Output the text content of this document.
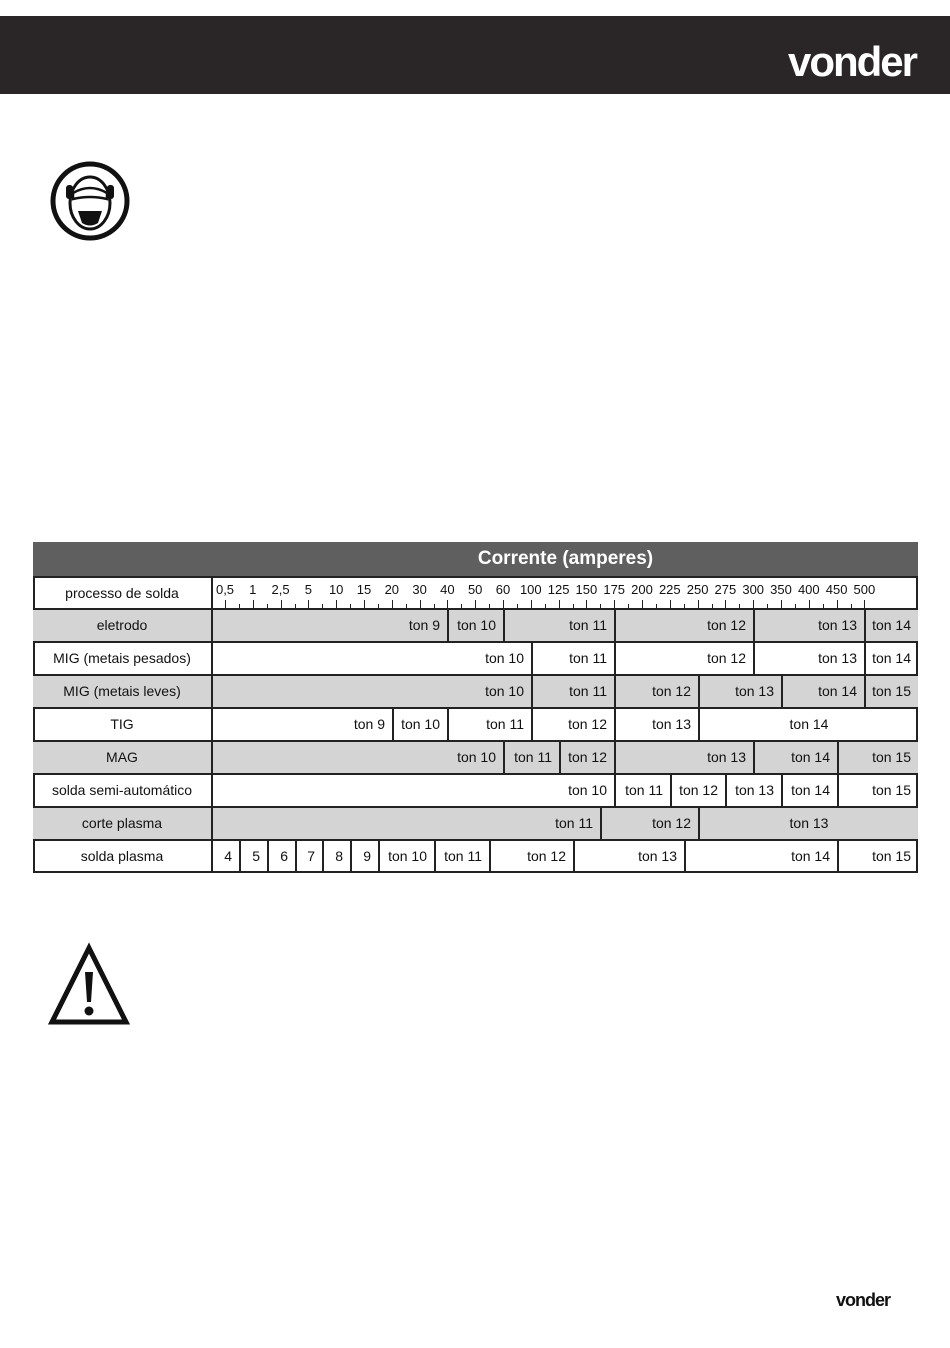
vonder
Corrente (amperes)
processo de solda	0,5 1 2,5 5 10 15 20 30 40 50 60 100 125 150 175 200 225 250 275 300 350 400 450 500
eletrodo	ton 9	ton 10	ton 11	ton 12	ton 13	ton 14
MIG (metais pesados)	ton 10	ton 11	ton 12	ton 13	ton 14
MIG (metais leves)	ton 10	ton 11	ton 12	ton 13	ton 14	ton 15
TIG	ton 9	ton 10	ton 11	ton 12	ton 13	ton 14
MAG	ton 10	ton 11	ton 12	ton 13	ton 14	ton 15
solda semi-automático	ton 10	ton 11	ton 12	ton 13	ton 14	ton 15
corte plasma	ton 11	ton 12	ton 13
solda plasma	4	5	6	7	8	9	ton 10	ton 11	ton 12	ton 13	ton 14	ton 15
vonder
